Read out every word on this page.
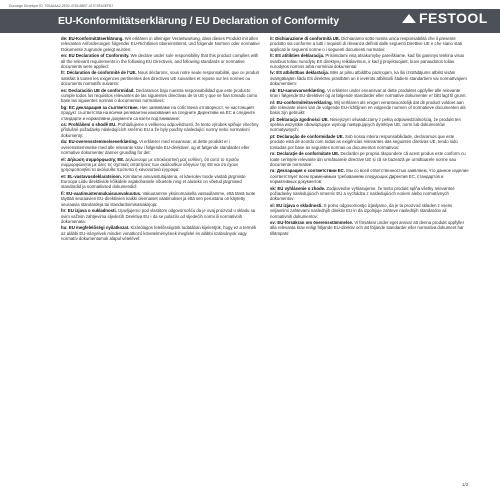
Docusign Envelope ID: 7004AAA2-2E02-4763-88EF-417C9FA0EFB7
EU-Konformitätserklärung / EU Declaration of Conformity	FESTOOL

de: EU-Konformitätserklärung. Wir erklären in alleiniger Verantwortung, dass dieses Produkt mit allen relevanten Anforderungen folgender EU-Richtlinien übereinstimmt, und folgende Normen oder normative Dokumente zugrunde gelegt wurden:

en: EU Declaration of Conformity. We declare under sole responsibility that this product complies with all the relevant requirements in the following EU Directives, and following standards or normative documents were applied:

fr: Déclaration de conformité de l'UE. Nous déclarons, sous notre seule responsabilité, que ce produit satisfait à toutes les exigences pertinentes des directives UE suivantes et repose sur les normes ou documents normatifs suivants:

es: Declaración UE de conformidad. Declaramos bajo nuestra responsabilidad que este producto cumple todos los requisitos relevantes de las siguientes directivas de la UE y que se han tomado como base las siguientes normas o documentos normativos:

bg: ЕС декларация за съответствие. Ние заявяваме на собствена отговорност, че настоящият продукт съответства на всички релевантни изисквания на следните Директиви на ЕС и следните стандарти и нормативни документи са взети под внимание:

cs: Prohlášení o shodě EU. Prohlašujeme s veškerou odpovědností, že tento výrobek splňuje všechny příslušné požadavky následujících směrnic EU a že byly použity následující normy nebo normativní dokumenty:

da: EU-overensstemmelseserklæring. Vi erklærer med eneansvar, at dette produkt er i overensstemmelse med alle relevante krav i følgende EU-direktiver, og at følgende standarder eller normative dokumenter danner grundlag for det:

el: Δήλωση συμμόρφωσης ΕΕ. Δηλώνουμε με αποκλειστική μας ευθύνη, ότι αυτό το προϊόν συμμορφώνεται με όλες τις σχετικές απαιτήσεις των ακόλουθων οδηγιών της ΕΕ και ότι έχουν χρησιμοποιηθεί τα ακόλουθα πρότυπα ή κανονιστικά έγγραφα:

et: EL-vastavusdeklaratsioon. Kinnitame ainuvastutajatena, et käesolev toode vastab järgmiste Euroopa Liidu direktiivide kõikidele asjakohastele nõuetele ning et aluseks on võetud järgmised standardid ja normatiivsed dokumendid:

fi: EU-vaatimustenmukaisuusvakuutus. Vakuutamme yksinomaisella vastuullamme, että tämä tuote täyttää seuraavien EU-direktiivien kaikki olennaiset vaatimukset ja että sen perustana on käytetty seuraavia standardeja tai standardoimisasiakirjoja:

hr: EU izjava o sukladnosti. Izjavljujemo pod vlastitom odgovornošću da je ovaj proizvod u skladu sa svim važnim zahtjevima sljedećih Direktiva EU i da se polazilo od sljedećih normi ili normativnih dokumenata:

hu: EU megfelelőségi nyilatkozat. Kizárólagos felelősségünk tudatában kijelentjük, hogy ez a termék az alábbi EU-irányelvek minden vonatkozó követelményének megfelel és alábbi szabványok vagy normatív dokumentumok alapul vételével:

it: Dichiarazione di conformità UE. Dichiariamo sotto nostra unica responsabilità che il presente prodotto sia conforme a tutti i requisiti di rilevanza definiti dalle seguenti Direttive UE e che siano stati applicati le seguenti norme o i seguenti documenti normativi:

lt: ES atitikties deklaracija. Prisiimdami visą atsakomybę pareiškiame, kad šis gaminys tenkina visus svarbius toliau nurodytų ES direktyvų reikalavimus, ir kad jį projektuojant, buvo panaudotos toliau nurodytos normos arba norminiai dokumentai:

lv: ES atbilstības deklarācija. Mēs ar pilnu atbildību paziņojam, ka šis izstrādājums atbilst visām svarīgākajām šādu ES direktīvu prasībām un ir ievērots atbilstoši šādiem standartiem vai normatīvajiem dokumentiem:

nb: EU-samsvarserklæring. Vi erklærer under eneansvar at dette produktet oppfyller alle relevante krav i følgende EU-direktiver og at følgende standarder eller normative dokumenter er blitt lagt til grunn:

nl: EU-conformiteitsverklaring. Wij verklaren als enigen verantwoordelijk dat dit product voldoet aan alle relevante eisen van de volgende EU-richtlijnen en volgende normen of normatieve documenten als basis zijn gebruikt:

pl: Deklaracja zgodności UE. Niniejszym oświadczamy z pełną odpowiedzialnością, że produkt ten spełnia wszystkie obowiązujące wymogi następujących dyrektyw UE, norm lub dokumentów normatywnych:

pt: Declaração de conformidade UE. Sob nossa inteira responsabilidade, declaramos que este produto está de acordo com todas as exigências relevantes das seguintes diretivas UE, tendo sido tomadas por base as seguintes normas ou documentos normativos:

ro: Declarație de conformitate UE. Declarăm pe propria răspundere că acest produs este conform cu toate cerințele relevante din următoarele directive UE și că se bazează pe următoarele norme sau documente normative:

ru: Декларация о соответствии ЕС. Мы со всей ответственностью заявляем, что данное изделие соответствует всем применимым требованиям следующих Директив ЕС, стандартов и нормативных документов:

sk: EÚ vyhlásenie o zhode. Zodpovedne vyhlasujeme, že tento produkt spĺňa všetky relevantné požiadavky nasledujúcich smerníc EÚ a vychádza z nasledujúcich noriem alebo normatívnych dokumentov:

sl: EU izjava o skladnosti. S polno odgovornostjo izjavljamo, da je ta proizvod skladen z vsemi veljavnimi zahtevami naslednjih direktiv EU in da izpolnjuje zahteve naslednjih standardov ali normativnih dokumentov:

sv: EU-försäkran om överensstämmelse. Vi försäkrar under eget ansvar att denna produkt uppfyller alla relevanta krav enligt följande EU-direktiv och att följande standarder eller normativa dokument har tillämpats:

1/2
